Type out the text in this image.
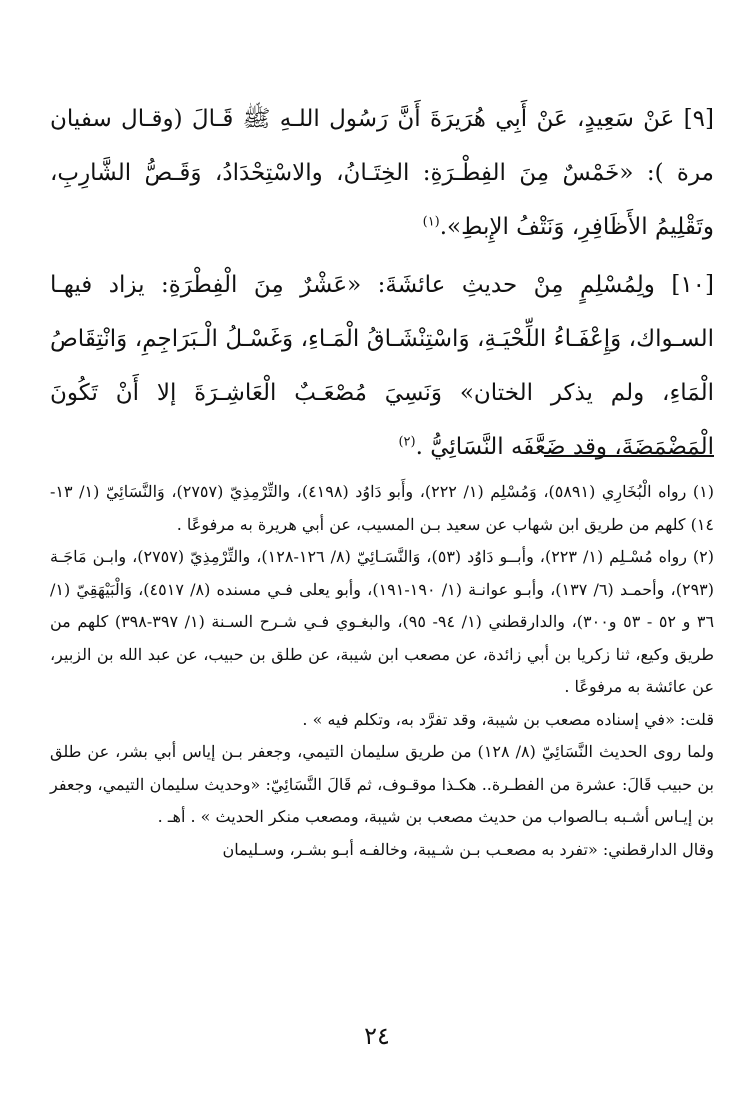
[٩] عَنْ سَعِيدٍ، عَنْ أَبِي هُرَيرَةَ أَنَّ رَسُول اللـهِ ﷺ قَـالَ (وقـال سفيان مرة ): «خَمْسٌ مِنَ الفِطْـرَةِ: الخِتَـانُ، والاسْتِحْدَادُ، وَقَـصُّ الشَّارِبِ، وتَقْلِيمُ الأَظَافِرِ، وَنَتْفُ الإِبطِ».$^{(١)}$

[١٠] ولِمُسْلِمٍ مِنْ حديثِ عائشَةَ: «عَشْرٌ مِنَ الْفِطْرَةِ: يزاد فيهـا السـواك، وَإِعْفَـاءُ اللِّحْيَـةِ، وَاسْتِنْشَـاقُ الْمَـاءِ، وَغَسْـلُ الْـبَرَاجِمِ، وَانْتِقَاصُ الْمَاءِ، ولم يذكر الختان» وَنَسِيَ مُصْعَـبٌ الْعَاشِـرَةَ إلا أَنْ تَكُونَ الْمَضْمَضَةَ، وقد ضَعَّفَه النَّسَائِيُّ .$^{(٢)}$

(١) رواه الْبُخَارِي (٥٨٩١)، وَمُسْلِم (١/ ٢٢٢)، وأَبو دَاوُد (٤١٩٨)، والتِّرْمِذِيّ (٢٧٥٧)، وَالنَّسَائِيّ (١/ ١٣- ١٤) كلهم من طريق ابن شهاب عن سعيد بـن المسيب، عن أبي هريرة به مرفوعًا .

(٢) رواه مُسْـلِم (١/ ٢٢٣)، وأبــو دَاوُد (٥٣)، وَالنَّسَـائِيّ (٨/ ١٢٦-١٢٨)، والتِّرْمِذِيّ (٢٧٥٧)، وابـن مَاجَـة (٢٩٣)، وأحمـد (٦/ ١٣٧)، وأبـو عوانـة (١/ ١٩٠-١٩١)، وأبو يعلى فـي مسنده (٨/ ٤٥١٧)، وَالْبَيْهَقِيّ (١/ ٣٦ و ٥٢ - ٥٣ و٣٠٠)، والدارقطني (١/ ٩٤- ٩٥)، والبغـوي فـي شـرح السـنة (١/ ٣٩٧-٣٩٨) كلهم من طريق وكيع، ثنا زكريا بن أبي زائدة، عن مصعب ابن شيبة، عن طلق بن حبيب، عن عبد الله بن الزبير، عن عائشة به مرفوعًا .

قلت: «في إسناده مصعب بن شيبة، وقد تفرَّد به، وتكلم فيه » .

ولما روى الحديث النَّسَائِيّ (٨/ ١٢٨) من طريق سليمان التيمي، وجعفر بـن إياس أبي بشر، عن طلق بن حبيب قَالَ: عشرة من الفطـرة.. هكـذا موقـوف، ثم قَالَ النَّسَائِيّ: «وحديث سليمان التيمي، وجعفر بن إيـاس أشـبه بـالصواب من حديث مصعب بن شيبة، ومصعب منكر الحديث » . أهـ .

وقال الدارقطني: «تفرد به مصعـب بـن شـيبة، وخالفـه أبـو بشـر، وسـليمان

٢٤
